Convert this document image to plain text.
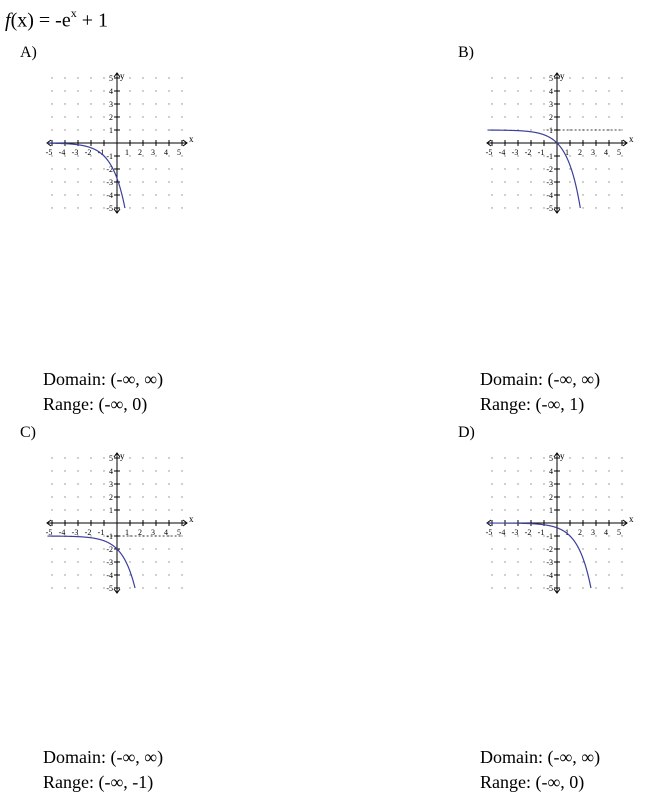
$f(x) = -e^x + 1$
A)
-5 -4 -3 -2 -1	1 2 3 4 5
5
4
3
2
1
-1
-2
-3
-4
-5
x
y
Domain: (-∞, ∞)
Range: (-∞, 0)
B)
-5 -4 -3 -2 -1	1 2 3 4 5
5
4
3
2
1
-1
-2
-3
-4
-5
x
y
Domain: (-∞, ∞)
Range: (-∞, 1)
C)
-5 -4 -3 -2 -1	1 2 3 4 5
5
4
3
2
1
-1
-2
-3
-4
-5
x
y
Domain: (-∞, ∞)
Range: (-∞, -1)
D)
-5 -4 -3 -2 -1	1 2 3 4 5
5
4
3
2
1
-1
-2
-3
-4
-5
x
y
Domain: (-∞, ∞)
Range: (-∞, 0)
